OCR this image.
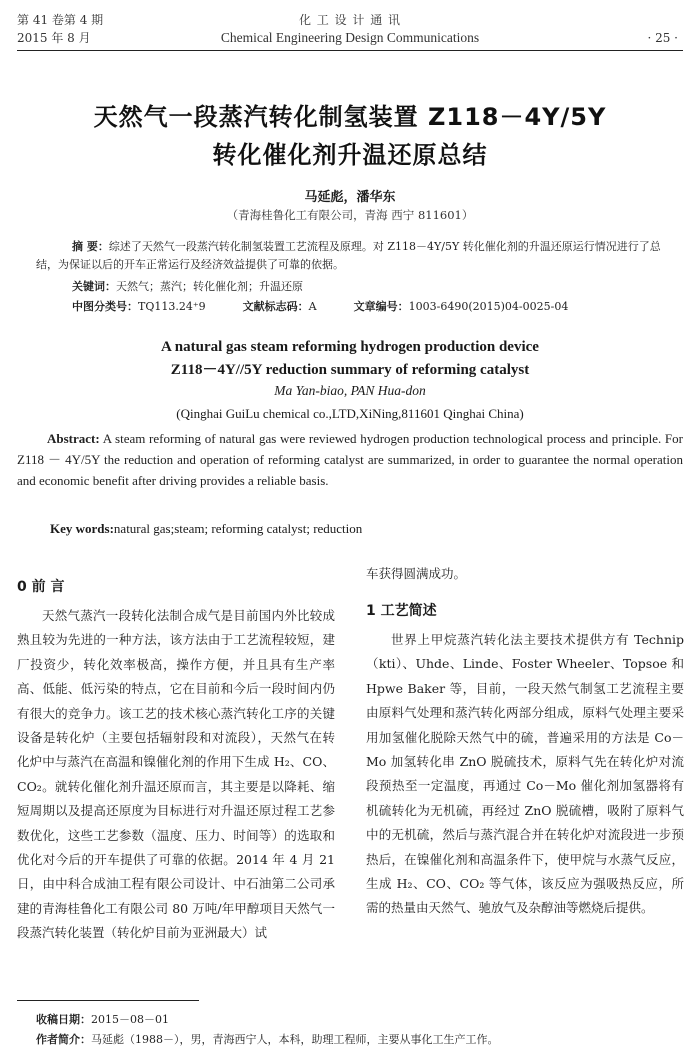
第 41 卷第 4 期
2015 年 8 月
化 工 设 计 通 讯
Chemical Engineering Design Communications	· 25 ·
天然气一段蒸汽转化制氢装置 Z118－4Y/5Y
转化催化剂升温还原总结
马延彪，潘华东
（青海桂鲁化工有限公司，青海 西宁 811601）
摘 要：综述了天然气一段蒸汽转化制氢装置工艺流程及原理。对 Z118－4Y/5Y 转化催化剂的升温还原运行情况进行了总结，为保证以后的开车正常运行及经济效益提供了可靠的依据。
关键词：天然气；蒸汽；转化催化剂；升温还原
中图分类号：TQ113.24⁺9	文献标志码：A	文章编号：1003-6490(2015)04-0025-04
A natural gas steam reforming hydrogen production device
Z118－4Y//5Y reduction summary of reforming catalyst
Ma Yan-biao, PAN Hua-don
(Qinghai GuiLu chemical co.,LTD,XiNing,811601 Qinghai China)
Abstract: A steam reforming of natural gas were reviewed hydrogen production technological process and principle. For Z118 － 4Y/5Y the reduction and operation of reforming catalyst are summarized, in order to guarantee the normal operation and economic benefit after driving provides a reliable basis.
Key words:natural gas;steam; reforming catalyst; reduction
0 前 言
天然气蒸汽一段转化法制合成气是目前国内外比较成熟且较为先进的一种方法，该方法由于工艺流程较短，建厂投资少，转化效率极高，操作方便，并且具有生产率高、低能、低污染的特点，它在目前和今后一段时间内仍有很大的竞争力。该工艺的技术核心蒸汽转化工序的关键设备是转化炉（主要包括辐射段和对流段），天然气在转化炉中与蒸汽在高温和镍催化剂的作用下生成 H₂、CO、CO₂。就转化催化剂升温还原而言，其主要是以降耗、缩短周期以及提高还原度为目标进行对升温还原过程工艺参数优化，这些工艺参数（温度、压力、时间等）的选取和优化对今后的开车提供了可靠的依据。2014 年 4 月 21 日，由中科合成油工程有限公司设计、中石油第二公司承建的青海桂鲁化工有限公司 80 万吨/年甲醇项目天然气一段蒸汽转化装置（转化炉目前为亚洲最大）试
车获得圆满成功。
1 工艺简述
世界上甲烷蒸汽转化法主要技术提供方有 Technip（kti）、Uhde、Linde、Foster Wheeler、Topsoe 和 Hpwe Baker 等，目前，一段天然气制氢工艺流程主要由原料气处理和蒸汽转化两部分组成，原料气处理主要采用加氢催化脱除天然气中的硫，普遍采用的方法是 Co－Mo 加氢转化串 ZnO 脱硫技术，原料气先在转化炉对流段预热至一定温度，再通过 Co－Mo 催化剂加氢器将有机硫转化为无机硫，再经过 ZnO 脱硫槽，吸附了原料气中的无机硫，然后与蒸汽混合并在转化炉对流段进一步预热后，在镍催化剂和高温条件下，使甲烷与水蒸气反应，生成 H₂、CO、CO₂ 等气体，该反应为强吸热反应，所需的热量由天然气、驰放气及杂醇油等燃烧后提供。
收稿日期：2015－08－01
作者简介：马延彪（1988－），男，青海西宁人，本科，助理工程师，主要从事化工生产工作。
